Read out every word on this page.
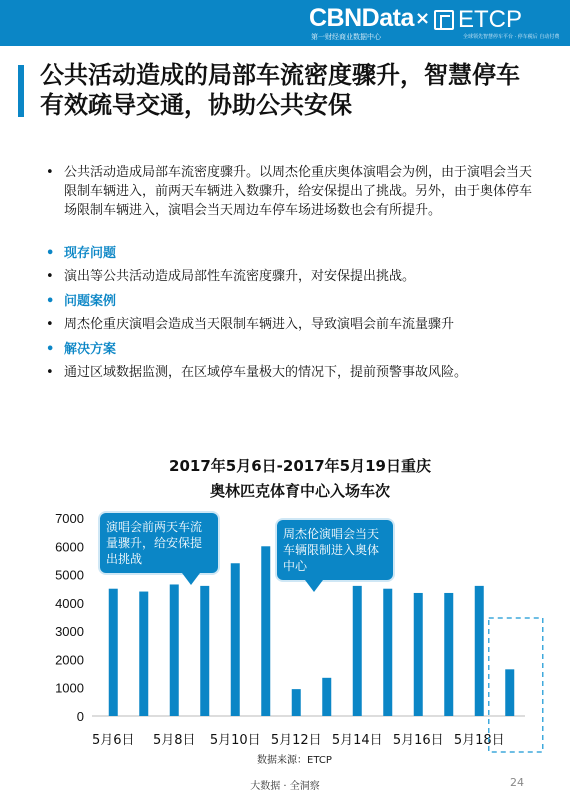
CBNData
第一财经商业数据中心
× ETCP
全球领先智慧停车平台 · 停车税后 自动付费
公共活动造成的局部车流密度骤升，智慧停车有效疏导交通，协助公共安保
• 公共活动造成局部车流密度骤升。以周杰伦重庆奥体演唱会为例，由于演唱会当天限制车辆进入，前两天车辆进入数骤升，给安保提出了挑战。另外，由于奥体停车场限制车辆进入，演唱会当天周边车停车场进场数也会有所提升。
• 现存问题
• 演出等公共活动造成局部性车流密度骤升，对安保提出挑战。
• 问题案例
• 周杰伦重庆演唱会造成当天限制车辆进入，导致演唱会前车流量骤升
• 解决方案
• 通过区域数据监测，在区域停车量极大的情况下，提前预警事故风险。
2017年5月6日-2017年5月19日重庆
奥林匹克体育中心入场车次
0
1000
2000
3000
4000
5000
6000
7000
5月6日 5月8日 5月10日 5月12日 5月14日 5月16日 5月18日
演唱会前两天车流量骤升，给安保提出挑战
周杰伦演唱会当天车辆限制进入奥体中心
数据来源：ETCP
大数据 · 全洞察	24
